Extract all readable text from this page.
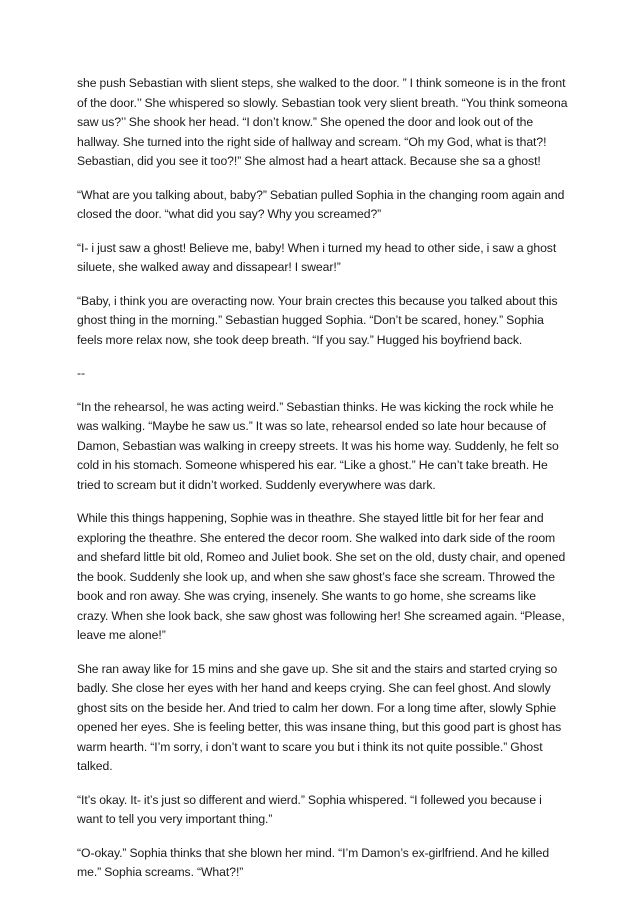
she push Sebastian with slient steps, she walked to the door. ” I think someone is in the front of the door.’’ She whispered so slowly. Sebastian took very slient breath. “You think someona saw us?’’ She shook her head. “I don’t know.” She opened the door and look out of the hallway. She turned into the right side of hallway and scream. “Oh my God, what is that?! Sebastian, did you see it too?!” She almost had a heart attack. Because she sa a ghost!

“What are you talking about, baby?” Sebatian pulled Sophia in the changing room again and closed the door. “what did you say? Why you screamed?”

“I- i just saw a ghost! Believe me, baby! When i turned my head to other side, i saw a ghost siluete, she walked away and dissapear! I swear!”

“Baby, i think you are overacting now. Your brain crectes this because you talked about this ghost thing in the morning.” Sebastian hugged Sophia. “Don’t be scared, honey.” Sophia feels more relax now, she took deep breath. “If you say.” Hugged his boyfriend back.

--

“In the rehearsol, he was acting weird.” Sebastian thinks. He was kicking the rock while he was walking. “Maybe he saw us.” It was so late, rehearsol ended so late hour because of Damon, Sebastian was walking in creepy streets. It was his home way. Suddenly, he felt so cold in his stomach. Someone whispered his ear. “Like a ghost.” He can’t take breath. He tried to scream but it didn’t worked. Suddenly everywhere was dark.

While this things happening, Sophie was in theathre. She stayed little bit for her fear and exploring the theathre. She entered the decor room. She walked into dark side of the room and shefard little bit old, Romeo and Juliet book. She set on the old, dusty chair, and opened the book. Suddenly she look up, and when she saw ghost’s face she scream. Throwed the book and ron away. She was crying, insenely. She wants to go home, she screams like crazy. When she look back, she saw ghost was following her! She screamed again. “Please, leave me alone!”

She ran away like for 15 mins and she gave up. She sit and the stairs and started crying so badly. She close her eyes with her hand and keeps crying. She can feel ghost. And slowly ghost sits on the beside her. And tried to calm her down. For a long time after, slowly Sphie opened her eyes. She is feeling better, this was insane thing, but this good part is ghost has warm hearth. “I’m sorry, i don’t want to scare you but i think its not quite possible.” Ghost talked.

“It’s okay. It- it’s just so different and wierd.” Sophia whispered. “I follewed you because i want to tell you very important thing.”

“O-okay.” Sophia thinks that she blown her mind. “I’m Damon’s ex-girlfriend. And he killed me.” Sophia screams. “What?!”
